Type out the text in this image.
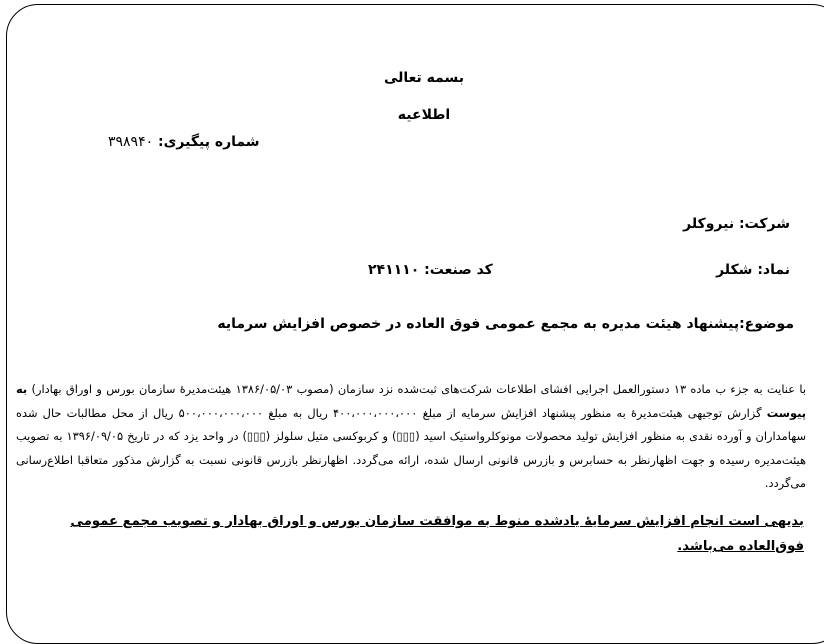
بسمه تعالی
اطلاعیه
شماره پیگیری: ۳۹۸۹۴۰
شرکت: نیروکلر
نماد: شکلر
کد صنعت: ۲۴۱۱۱۰
موضوع:پیشنهاد هیئت مدیره به مجمع عمومی فوق العاده در خصوص افزایش سرمایه
با عنایت به جزء ب ماده ۱۳ دستورالعمل اجرایی افشای اطلاعات شرکت‌های ثبت‌شده نزد سازمان (مصوب ۱۳۸۶/۰۵/۰۳ هیئت‌مدیرهٔ سازمان بورس و اوراق بهادار) به پیوست گزارش توجیهی هیئت‌مدیرهٔ به منظور پیشنهاد افزایش سرمایه از مبلغ ۴۰۰،۰۰۰،۰۰۰،۰۰۰ ریال به مبلغ ۵۰۰،۰۰۰،۰۰۰،۰۰۰ ریال از محل مطالبات حال شده سهامداران و آورده نقدی به منظور افزایش تولید محصولات مونوکلرواستیک اسید (▯▯▯) و کربوکسی متیل سلولز (▯▯▯) در واحد یزد که در تاریخ ۱۳۹۶/۰۹/۰۵ به تصویب هیئت‌مدیره رسیده و جهت اظهارنظر به حسابرس و بازرس قانونی ارسال شده، ارائه می‌گردد. اظهارنظر بازرس قانونی نسبت به گزارش مذکور متعاقبا اطلاع‌رسانی می‌گردد.
بدیهی است انجام افزایش سرمایهٔ یادشده منوط به موافقت سازمان بورس و اوراق بهادار و تصویب مجمع عمومی فوق‌العاده می‌باشد.
